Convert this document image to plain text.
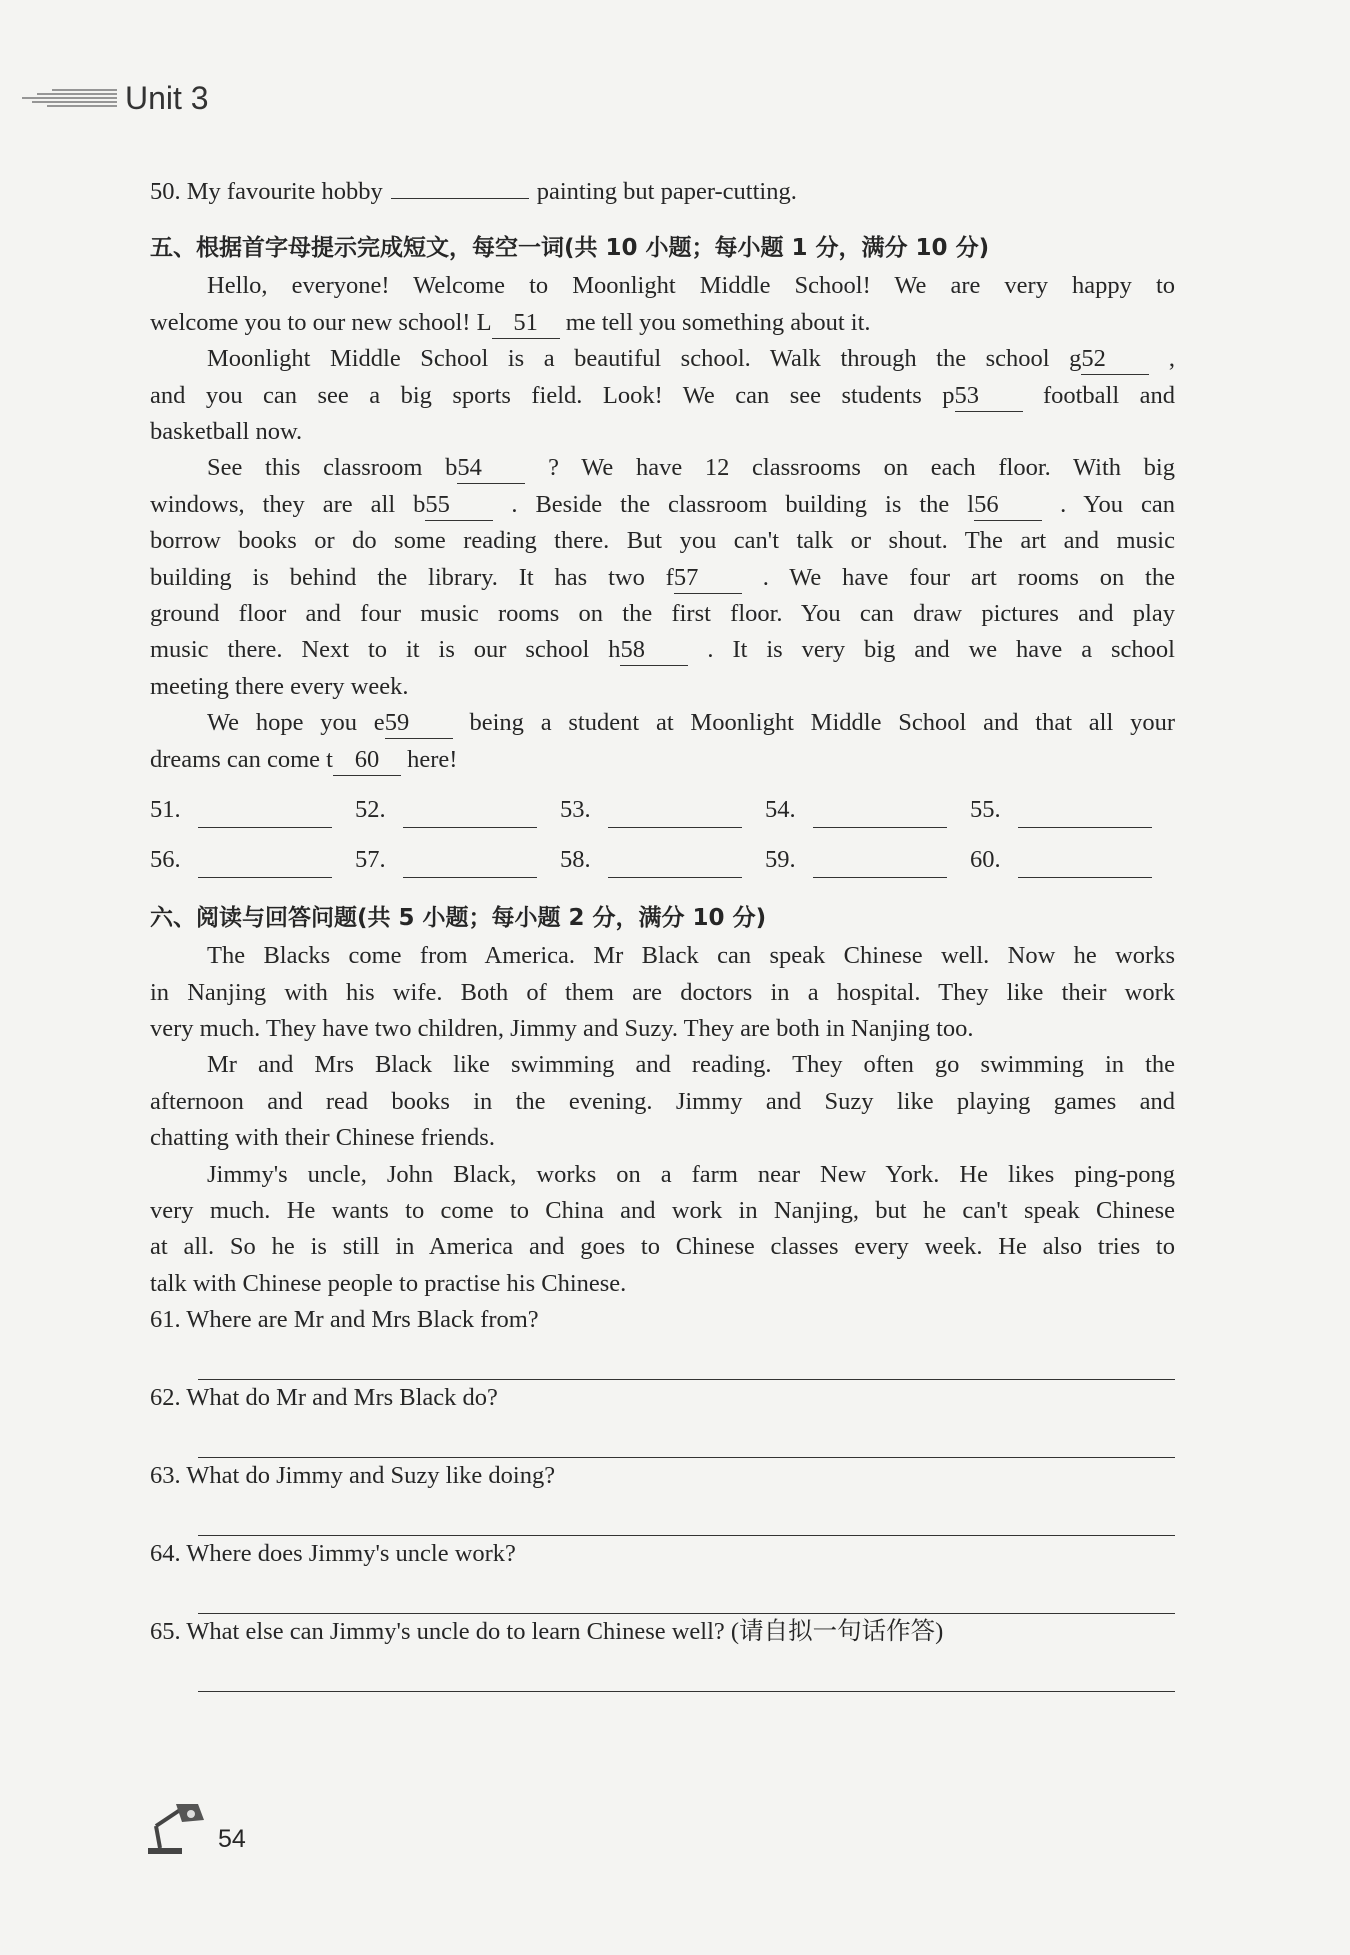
Unit 3
50. My favourite hobby	painting but paper-cutting.
五、根据首字母提示完成短文，每空一词(共 10 小题；每小题 1 分，满分 10 分)
Hello, everyone! Welcome to Moonlight Middle School! We are very happy to
welcome you to our new school! L 51 me tell you something about it.
Moonlight Middle School is a beautiful school. Walk through the school g52 ,
and you can see a big sports field. Look! We can see students p53 football and
basketball now.
See this classroom b54 ? We have 12 classrooms on each floor. With big
windows, they are all b55 . Beside the classroom building is the l56 . You can
borrow books or do some reading there. But you can't talk or shout. The art and music
building is behind the library. It has two f57 . We have four art rooms on the
ground floor and four music rooms on the first floor. You can draw pictures and play
music there. Next to it is our school h58 . It is very big and we have a school
meeting there every week.
We hope you e59 being a student at Moonlight Middle School and that all your
dreams can come t 60 here!
51.	52.	53.	54.	55.
56.	57.	58.	59.	60.
六、阅读与回答问题(共 5 小题；每小题 2 分，满分 10 分)
The Blacks come from America. Mr Black can speak Chinese well. Now he works
in Nanjing with his wife. Both of them are doctors in a hospital. They like their work
very much. They have two children, Jimmy and Suzy. They are both in Nanjing too.
Mr and Mrs Black like swimming and reading. They often go swimming in the
afternoon and read books in the evening. Jimmy and Suzy like playing games and
chatting with their Chinese friends.
Jimmy's uncle, John Black, works on a farm near New York. He likes ping-pong
very much. He wants to come to China and work in Nanjing, but he can't speak Chinese
at all. So he is still in America and goes to Chinese classes every week. He also tries to
talk with Chinese people to practise his Chinese.
61. Where are Mr and Mrs Black from?
62. What do Mr and Mrs Black do?
63. What do Jimmy and Suzy like doing?
64. Where does Jimmy's uncle work?
65. What else can Jimmy's uncle do to learn Chinese well? (请自拟一句话作答)
54
